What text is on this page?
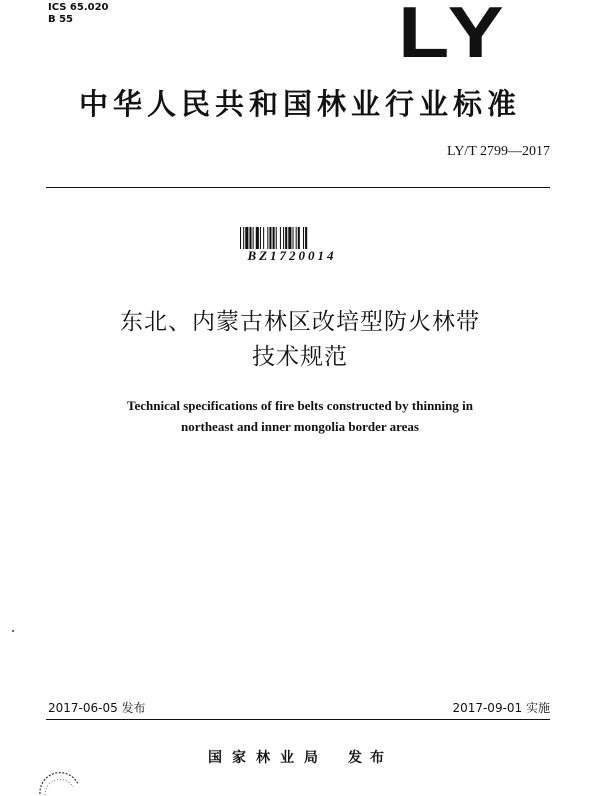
ICS 65.020
B 55	LY
中华人民共和国林业行业标准
LY/T 2799—2017
BZ1720014
东北、内蒙古林区改培型防火林带
技术规范
Technical specifications of fire belts constructed by thinning in
northeast and inner mongolia border areas
2017-06-05 发布	2017-09-01 实施
国家林业局 发布
